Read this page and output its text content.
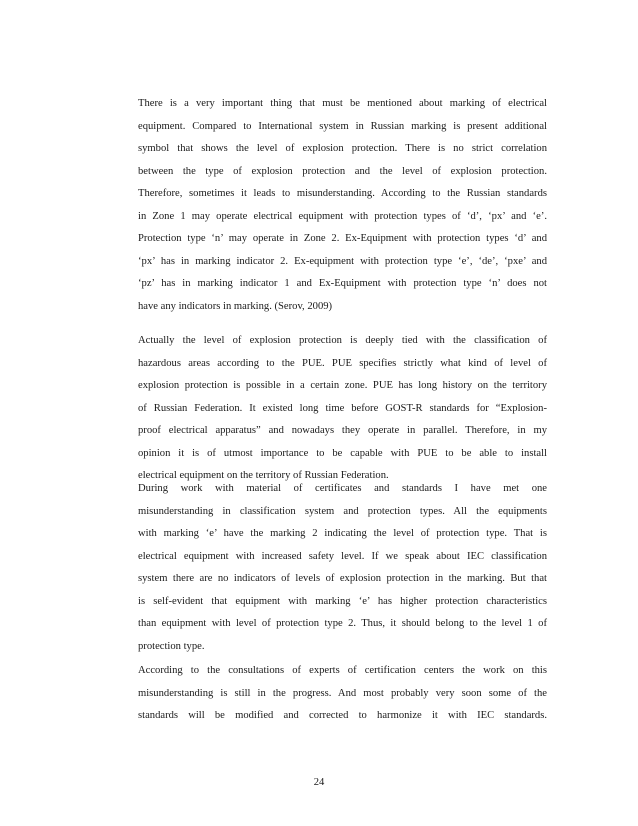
There is a very important thing that must be mentioned about marking of electrical
equipment. Compared to International system in Russian marking is present additional
symbol that shows the level of explosion protection. There is no strict correlation
between the type of explosion protection and the level of explosion protection.
Therefore, sometimes it leads to misunderstanding. According to the Russian standards
in Zone 1 may operate electrical equipment with protection types of ‘d’, ‘px’ and ‘e’.
Protection type ‘n’ may operate in Zone 2. Ex-Equipment with protection types ‘d’ and
‘px’ has in marking indicator 2. Ex-equipment with protection type ‘e’, ‘de’, ‘pxe’ and
‘pz’ has in marking indicator 1 and Ex-Equipment with protection type ‘n’ does not
have any indicators in marking. (Serov, 2009)
Actually the level of explosion protection is deeply tied with the classification of
hazardous areas according to the PUE. PUE specifies strictly what kind of level of
explosion protection is possible in a certain zone. PUE has long history on the territory
of Russian Federation. It existed long time before GOST-R standards for “Explosion-
proof electrical apparatus” and nowadays they operate in parallel. Therefore, in my
opinion it is of utmost importance to be capable with PUE to be able to install
electrical equipment on the territory of Russian Federation.
During work with material of certificates and standards I have met one
misunderstanding in classification system and protection types. All the equipments
with marking ‘e’ have the marking 2 indicating the level of protection type. That is
electrical equipment with increased safety level. If we speak about IEC classification
system there are no indicators of levels of explosion protection in the marking. But that
is self-evident that equipment with marking ‘e’ has higher protection characteristics
than equipment with level of protection type 2. Thus, it should belong to the level 1 of
protection type.
According to the consultations of experts of certification centers the work on this
misunderstanding is still in the progress. And most probably very soon some of the
standards will be modified and corrected to harmonize it with IEC standards.
24
